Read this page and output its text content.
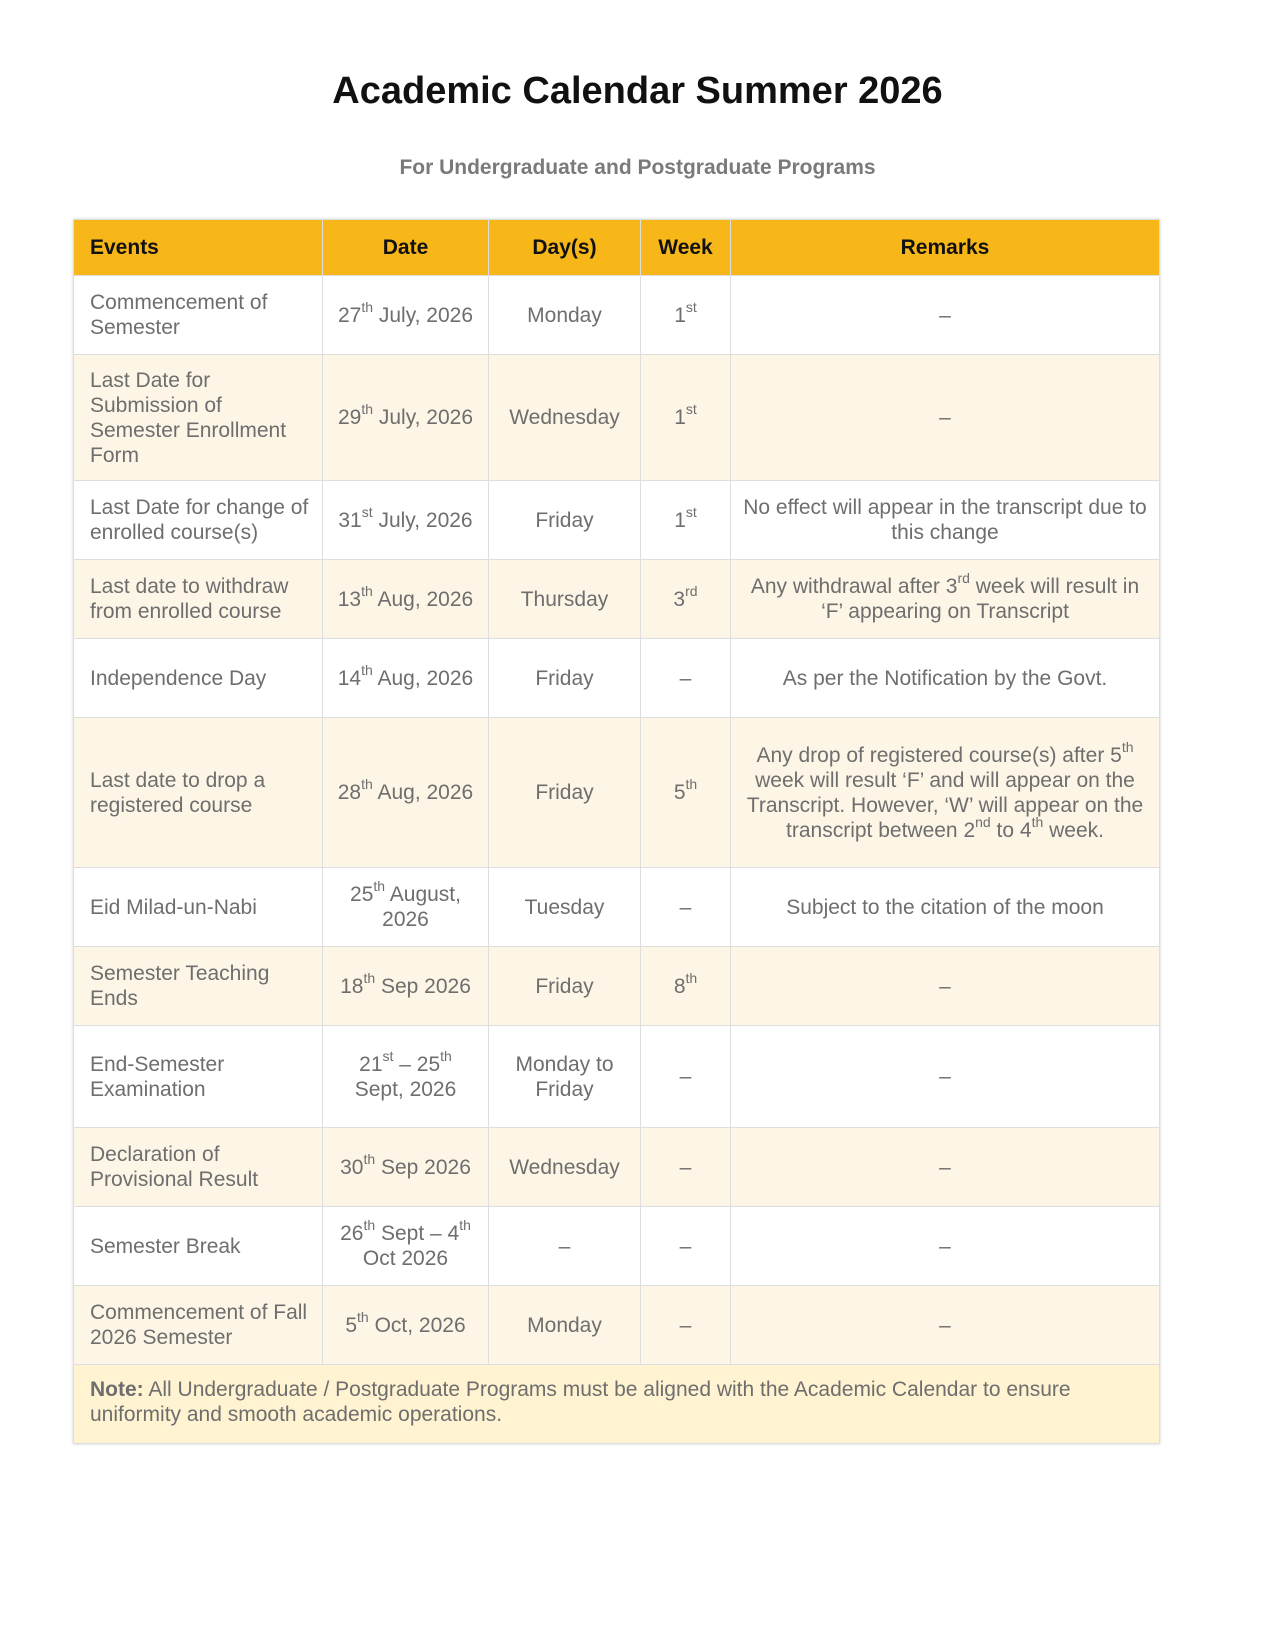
Academic Calendar Summer 2026
For Undergraduate and Postgraduate Programs
Events	Date	Day(s)	Week	Remarks
Commencement of Semester	27th July, 2026	Monday	1st	–
Last Date for Submission of Semester Enrollment Form	29th July, 2026	Wednesday	1st	–
Last Date for change of enrolled course(s)	31st July, 2026	Friday	1st	No effect will appear in the transcript due to this change
Last date to withdraw from enrolled course	13th Aug, 2026	Thursday	3rd	Any withdrawal after 3rd week will result in ‘F’ appearing on Transcript
Independence Day	14th Aug, 2026	Friday	–	As per the Notification by the Govt.
Last date to drop a registered course	28th Aug, 2026	Friday	5th	Any drop of registered course(s) after 5th week will result ‘F’ and will appear on the Transcript. However, ‘W’ will appear on the transcript between 2nd to 4th week.
Eid Milad-un-Nabi	25th August, 2026	Tuesday	–	Subject to the citation of the moon
Semester Teaching Ends	18th Sep 2026	Friday	8th	–
End-Semester Examination	21st – 25th Sept, 2026	Monday to Friday	–	–
Declaration of Provisional Result	30th Sep 2026	Wednesday	–	–
Semester Break	26th Sept – 4th Oct 2026	–	–	–
Commencement of Fall 2026 Semester	5th Oct, 2026	Monday	–	–
Note: All Undergraduate / Postgraduate Programs must be aligned with the Academic Calendar to ensure uniformity and smooth academic operations.				
